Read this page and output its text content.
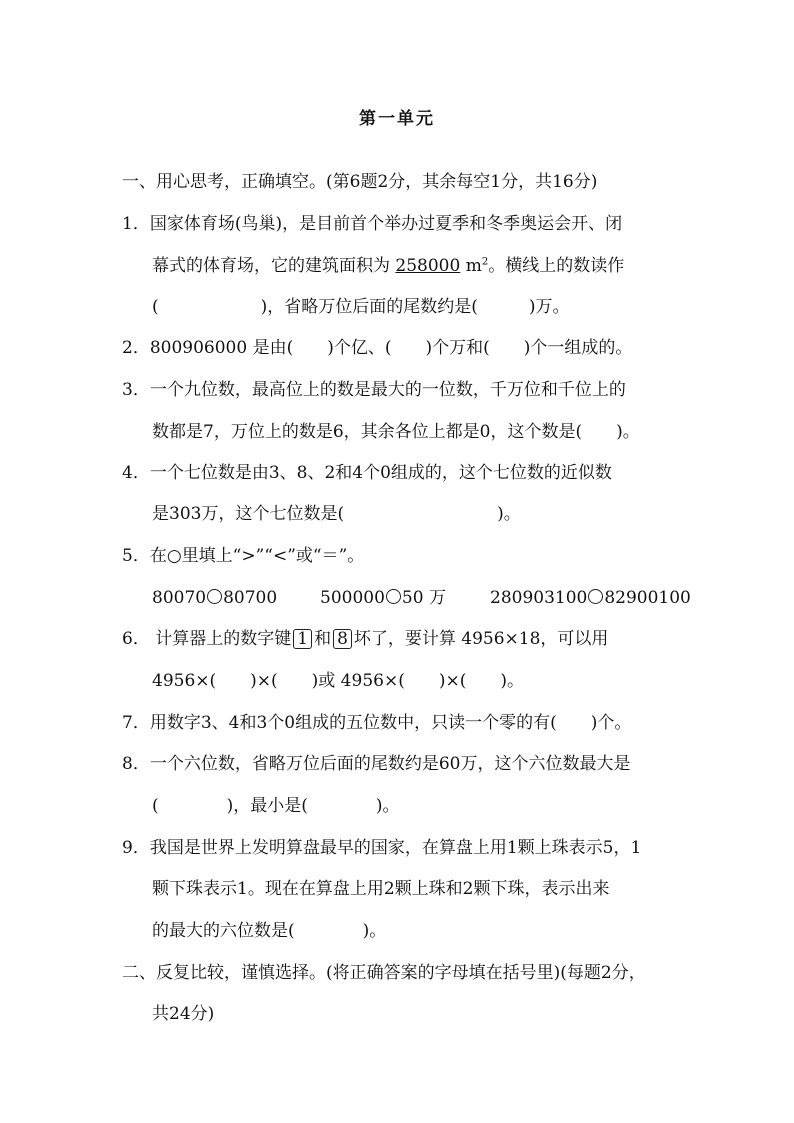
第一单元
一、用心思考，正确填空。(第6题2分，其余每空1分，共16分)
1．国家体育场(鸟巢)，是目前首个举办过夏季和冬季奥运会开、闭
幕式的体育场，它的建筑面积为 258000 $m^2$。横线上的数读作
(　　　　　　)，省略万位后面的尾数约是(　　　)万。
2．800906000 是由(　　)个亿、(　　)个万和(　　)个一组成的。
3．一个九位数，最高位上的数是最大的一位数，千万位和千位上的
数都是7，万位上的数是6，其余各位上都是0，这个数是(　　)。
4．一个七位数是由3、8、2和4个0组成的，这个七位数的近似数
是303万，这个七位数是(　　　　　　　　　)。
5．在○里填上“>”“<”或“＝”。
80070 80700	500000 50 万	280903100 82900100
6． 计算器上的数字键 1 和 8 坏了，要计算 4956×18，可以用
4956×(　　)×(　　)或 4956×(　　)×(　　)。
7．用数字3、4和3个0组成的五位数中，只读一个零的有(　　)个。
8．一个六位数，省略万位后面的尾数约是60万，这个六位数最大是
(　　　　)，最小是(　　　　)。
9．我国是世界上发明算盘最早的国家，在算盘上用1颗上珠表示5，1
颗下珠表示1。现在在算盘上用2颗上珠和2颗下珠，表示出来
的最大的六位数是(　　　　)。
二、反复比较，谨慎选择。(将正确答案的字母填在括号里)(每题2分，
共24分)
